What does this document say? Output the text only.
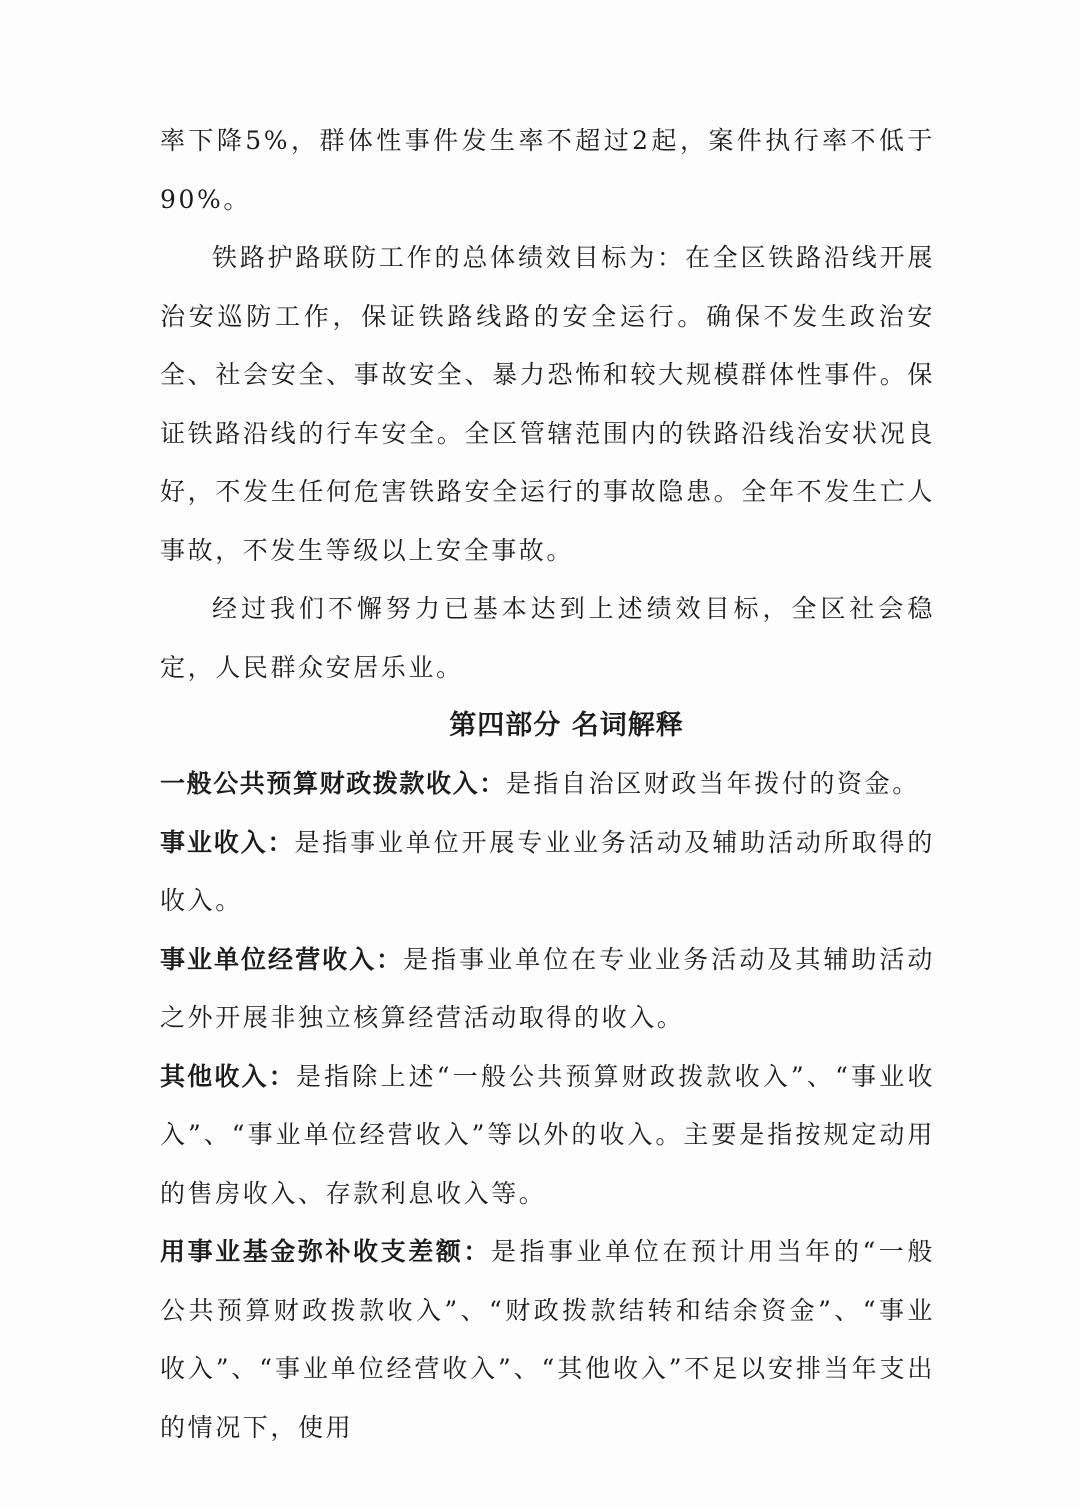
率下降5%，群体性事件发生率不超过2起，案件执行率不低于90%。

铁路护路联防工作的总体绩效目标为：在全区铁路沿线开展治安巡防工作，保证铁路线路的安全运行。确保不发生政治安全、社会安全、事故安全、暴力恐怖和较大规模群体性事件。保证铁路沿线的行车安全。全区管辖范围内的铁路沿线治安状况良好，不发生任何危害铁路安全运行的事故隐患。全年不发生亡人事故，不发生等级以上安全事故。

经过我们不懈努力已基本达到上述绩效目标，全区社会稳定，人民群众安居乐业。

第四部分 名词解释

一般公共预算财政拨款收入：是指自治区财政当年拨付的资金。

事业收入：是指事业单位开展专业业务活动及辅助活动所取得的收入。

事业单位经营收入：是指事业单位在专业业务活动及其辅助活动之外开展非独立核算经营活动取得的收入。

其他收入：是指除上述“一般公共预算财政拨款收入”、“事业收入”、“事业单位经营收入”等以外的收入。主要是指按规定动用的售房收入、存款利息收入等。

用事业基金弥补收支差额：是指事业单位在预计用当年的“一般公共预算财政拨款收入”、“财政拨款结转和结余资金”、“事业收入”、“事业单位经营收入”、“其他收入”不足以安排当年支出的情况下，使用
